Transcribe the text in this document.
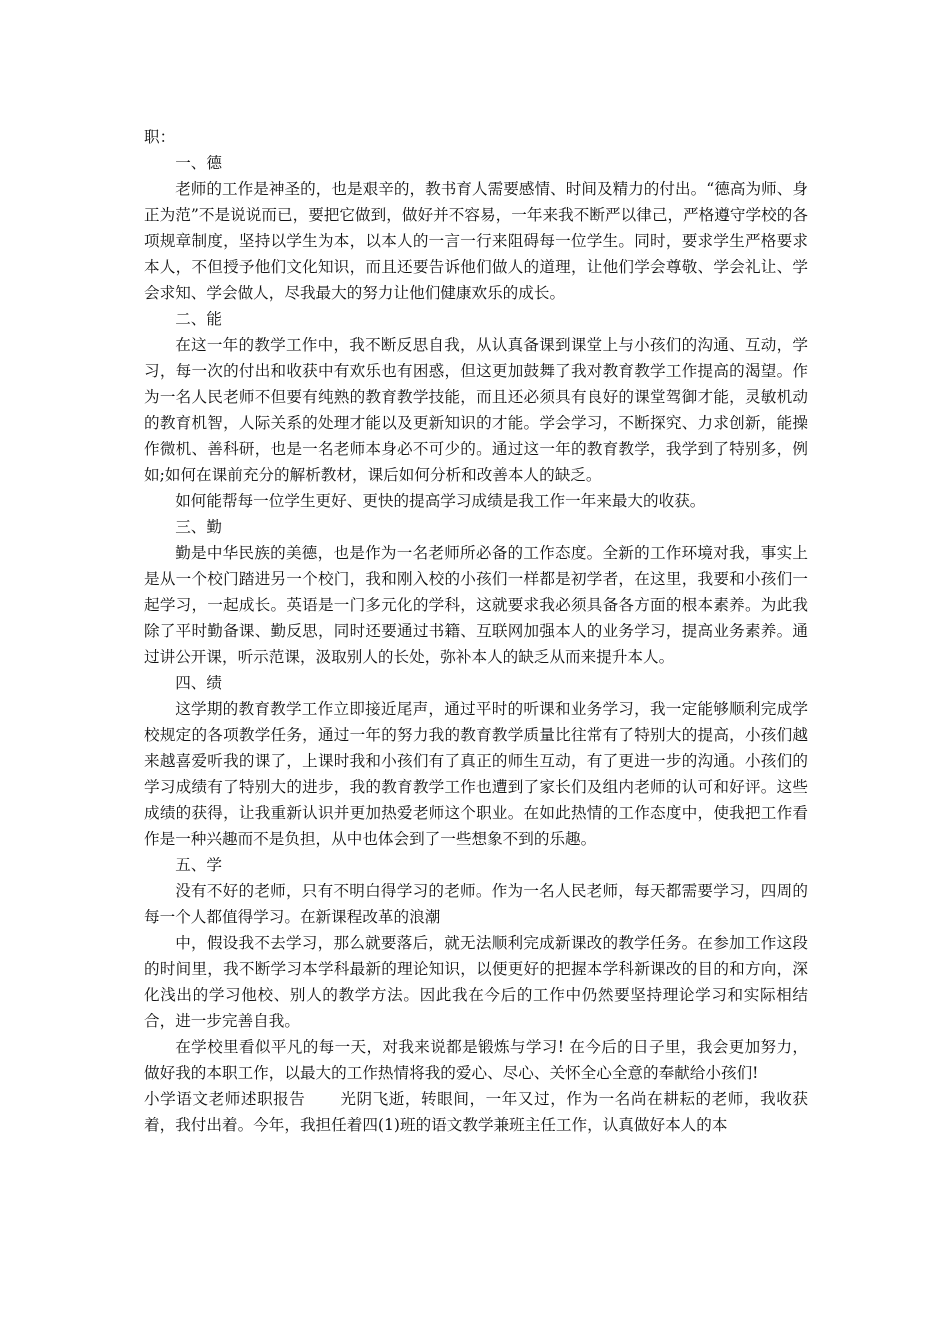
职：

一、德

老师的工作是神圣的，也是艰辛的，教书育人需要感情、时间及精力的付出。“德高为师、身正为范”不是说说而已，要把它做到，做好并不容易，一年来我不断严以律己，严格遵守学校的各项规章制度，坚持以学生为本，以本人的一言一行来阻碍每一位学生。同时，要求学生严格要求本人，不但授予他们文化知识，而且还要告诉他们做人的道理，让他们学会尊敬、学会礼让、学会求知、学会做人，尽我最大的努力让他们健康欢乐的成长。

二、能

在这一年的教学工作中，我不断反思自我，从认真备课到课堂上与小孩们的沟通、互动，学习，每一次的付出和收获中有欢乐也有困惑，但这更加鼓舞了我对教育教学工作提高的渴望。作为一名人民老师不但要有纯熟的教育教学技能，而且还必须具有良好的课堂驾御才能，灵敏机动的教育机智，人际关系的处理才能以及更新知识的才能。学会学习，不断探究、力求创新，能操作微机、善科研，也是一名老师本身必不可少的。通过这一年的教育教学，我学到了特别多，例如;如何在课前充分的解析教材，课后如何分析和改善本人的缺乏。

如何能帮每一位学生更好、更快的提高学习成绩是我工作一年来最大的收获。

三、勤

勤是中华民族的美德，也是作为一名老师所必备的工作态度。全新的工作环境对我，事实上是从一个校门踏进另一个校门，我和刚入校的小孩们一样都是初学者，在这里，我要和小孩们一起学习，一起成长。英语是一门多元化的学科，这就要求我必须具备各方面的根本素养。为此我除了平时勤备课、勤反思，同时还要通过书籍、互联网加强本人的业务学习，提高业务素养。通过讲公开课，听示范课，汲取别人的长处，弥补本人的缺乏从而来提升本人。

四、绩

这学期的教育教学工作立即接近尾声，通过平时的听课和业务学习，我一定能够顺利完成学校规定的各项教学任务，通过一年的努力我的教育教学质量比往常有了特别大的提高，小孩们越来越喜爱听我的课了，上课时我和小孩们有了真正的师生互动，有了更进一步的沟通。小孩们的学习成绩有了特别大的进步，我的教育教学工作也遭到了家长们及组内老师的认可和好评。这些成绩的获得，让我重新认识并更加热爱老师这个职业。在如此热情的工作态度中，使我把工作看作是一种兴趣而不是负担，从中也体会到了一些想象不到的乐趣。

五、学

没有不好的老师，只有不明白得学习的老师。作为一名人民老师，每天都需要学习，四周的每一个人都值得学习。在新课程改革的浪潮

中，假设我不去学习，那么就要落后，就无法顺利完成新课改的教学任务。在参加工作这段的时间里，我不断学习本学科最新的理论知识，以便更好的把握本学科新课改的目的和方向，深化浅出的学习他校、别人的教学方法。因此我在今后的工作中仍然要坚持理论学习和实际相结合，进一步完善自我。

在学校里看似平凡的每一天，对我来说都是锻炼与学习! 在今后的日子里，我会更加努力，做好我的本职工作，以最大的工作热情将我的爱心、尽心、关怀全心全意的奉献给小孩们!

小学语文老师述职报告 光阴飞逝，转眼间，一年又过，作为一名尚在耕耘的老师，我收获着，我付出着。今年，我担任着四(1)班的语文教学兼班主任工作，认真做好本人的本
